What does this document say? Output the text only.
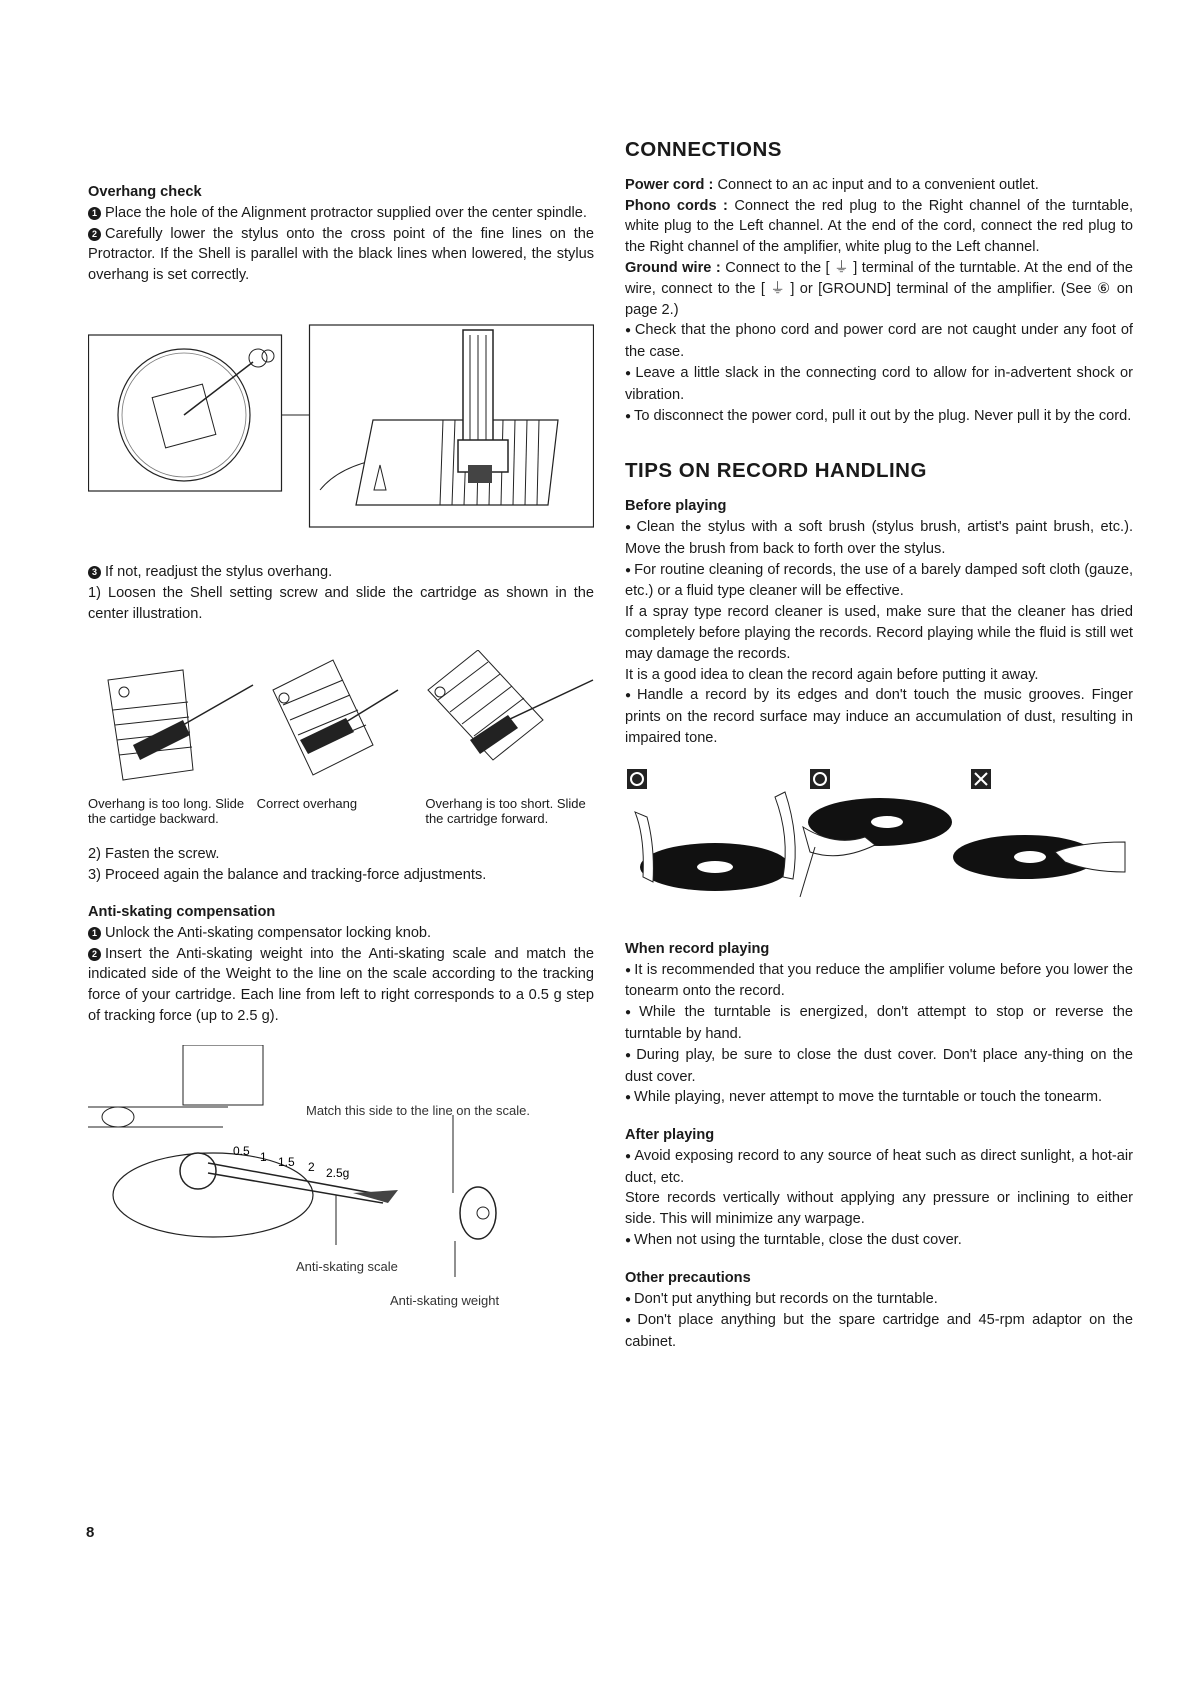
Overhang check

1 Place the hole of the Alignment protractor supplied over the center spindle.

2 Carefully lower the stylus onto the cross point of the fine lines on the Protractor. If the Shell is parallel with the black lines when lowered, the stylus overhang is set correctly.

3 If not, readjust the stylus overhang.

1) Loosen the Shell setting screw and slide the cartridge as shown in the center illustration.

Overhang is too long. Slide the cartidge backward.
Correct overhang	Overhang is too short. Slide the cartridge forward.

2) Fasten the screw.

3) Proceed again the balance and tracking-force adjustments.

Anti-skating compensation

1 Unlock the Anti-skating compensator locking knob.

2 Insert the Anti-skating weight into the Anti-skating scale and match the indicated side of the Weight to the line on the scale according to the tracking force of your cartridge. Each line from left to right corresponds to a 0.5 g step of tracking force (up to 2.5 g).

0.5 1 1.5 2 2.5g
Match this side to the line on the scale.
Anti-skating scale
Anti-skating weight

CONNECTIONS

Power cord : Connect to an ac input and to a convenient outlet.

Phono cords : Connect the red plug to the Right channel of the turntable, white plug to the Left channel. At the end of the cord, connect the red plug to the Right channel of the amplifier, white plug to the Left channel.

Ground wire : Connect to the [ ⏚ ] terminal of the turntable. At the end of the wire, connect to the [ ⏚ ] or [GROUND] terminal of the amplifier. (See ⑥ on page 2.)

● Check that the phono cord and power cord are not caught under any foot of the case.

● Leave a little slack in the connecting cord to allow for in-advertent shock or vibration.

● To disconnect the power cord, pull it out by the plug. Never pull it by the cord.

TIPS ON RECORD HANDLING

Before playing

● Clean the stylus with a soft brush (stylus brush, artist's paint brush, etc.). Move the brush from back to forth over the stylus.

● For routine cleaning of records, the use of a barely damped soft cloth (gauze, etc.) or a fluid type cleaner will be effective.

If a spray type record cleaner is used, make sure that the cleaner has dried completely before playing the records. Record playing while the fluid is still wet may damage the records.

It is a good idea to clean the record again before putting it away.

● Handle a record by its edges and don't touch the music grooves. Finger prints on the record surface may induce an accumulation of dust, resulting in impaired tone.

When record playing

● It is recommended that you reduce the amplifier volume before you lower the tonearm onto the record.

● While the turntable is energized, don't attempt to stop or reverse the turntable by hand.

● During play, be sure to close the dust cover. Don't place any-thing on the dust cover.

● While playing, never attempt to move the turntable or touch the tonearm.

After playing

● Avoid exposing record to any source of heat such as direct sunlight, a hot-air duct, etc.

Store records vertically without applying any pressure or inclining to either side. This will minimize any warpage.

● When not using the turntable, close the dust cover.

Other precautions

● Don't put anything but records on the turntable.

● Don't place anything but the spare cartridge and 45-rpm adaptor on the cabinet.

8
